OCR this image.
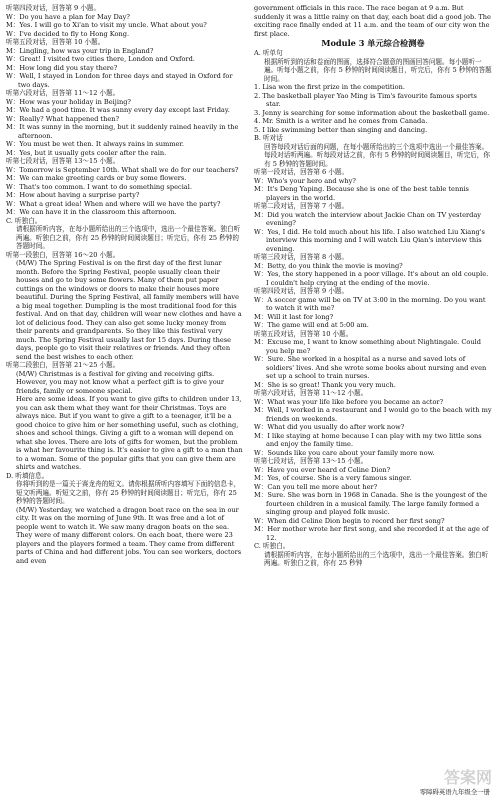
听第四段对话，回答第 9 小题。

W：Do you have a plan for May Day?

M：Yes. I will go to Xi'an to visit my uncle. What about you?

W：I've decided to fly to Hong Kong.

听第五段对话，回答第 10 小题。

M：Lingling, how was your trip in England?

W：Great! I visited two cities there, London and Oxford.

M：How long did you stay there?

W：Well, I stayed in London for three days and stayed in Oxford for two days.

听第六段对话，回答第 11～12 小题。

W：How was your holiday in Beijing?

M：We had a good time. It was sunny every day except last Friday.

W：Really? What happened then?

M：It was sunny in the morning, but it suddenly rained heavily in the afternoon.

W：You must be wet then. It always rains in summer.

M：Yes, but it usually gets cooler after the rain.

听第七段对话，回答第 13～15 小题。

W：Tomorrow is September 10th. What shall we do for our teachers?

M：We can make greeting cards or buy some flowers.

W：That's too common. I want to do something special.

M：How about having a surprise party?

W：What a great idea! When and where will we have the party?

M：We can have it in the classroom this afternoon.

C. 听独白。

请根据所听内容，在每小题所给出的三个选项中，选出一个最佳答案。独白听两遍。听独白之前，你有 25 秒钟的时间阅读题目；听完后，你有 25 秒钟的答题时间。

听第一段独白，回答第 16～20 小题。

(M/W) The Spring Festival is on the first day of the first lunar month. Before the Spring Festival, people usually clean their houses and go to buy some flowers. Many of them put paper cuttings on the windows or doors to make their houses more beautiful. During the Spring Festival, all family members will have a big meal together. Dumpling is the most traditional food for this festival. And on that day, children will wear new clothes and have a lot of delicious food. They can also get some lucky money from their parents and grandparents. So they like this festival very much. The Spring Festival usually last for 15 days. During these days, people go to visit their relatives or friends. And they often send the best wishes to each other.

听第二段独白，回答第 21～25 小题。

(M/W) Christmas is a festival for giving and receiving gifts. However, you may not know what a perfect gift is to give your friends, family or someone special.

Here are some ideas. If you want to give gifts to children under 13, you can ask them what they want for their Christmas. Toys are always nice. But if you want to give a gift to a teenager, it'll be a good choice to give him or her something useful, such as clothing, shoes and school things. Giving a gift to a woman will depend on what she loves. There are lots of gifts for women, but the problem is what her favourite thing is. It's easier to give a gift to a man than to a woman. Some of the popular gifts that you can give them are shirts and watches.

D. 听填信息。

你将听到的是一篇关于赛龙舟的短文。请你根据所听内容填写下面的信息卡，短文听两遍。听短文之前，你有 25 秒钟的时间阅读题目；听完后，你有 25 秒钟的答题时间。

(M/W) Yesterday, we watched a dragon boat race on the sea in our city. It was on the morning of June 9th. It was free and a lot of people went to watch it. We saw many dragon boats on the sea. They were of many different colors. On each boat, there were 23 players and the players formed a team. They came from different parts of China and had different jobs. You can see workers, doctors and even

government officials in this race. The race began at 9 a.m. But suddenly it was a little rainy on that day, each boat did a good job. The exciting race finally ended at 11 a.m. and the team of our city won the first place.

Module 3 单元综合检测卷

A. 听单句

根据所听到的话和卷面的图画，选择符合题意的图画回答问题。每小题听一遍。听每小题之前，你有 5 秒钟的时间阅读题目，听完后，你有 5 秒钟的答题时间。

1. Lisa won the first prize in the competition.

2. The basketball player Yao Ming is Tim's favourite famous sports star.

3. Jenny is searching for some information about the basketball game.

4. Mr. Smith is a writer and he comes from Canada.

5. I like swimming better than singing and dancing.

B. 听对话

回答每段对话后面的问题，在每小题所给出的三个选项中选出一个最佳答案。每段对话听两遍。听每段对话之前，你有 5 秒钟的时间阅读题目，听完后，你有 5 秒钟的答题时间。

听第一段对话，回答第 6 小题。

W：Who's your hero and why?

M：It's Deng Yaping. Because she is one of the best table tennis players in the world.

听第二段对话，回答第 7 小题。

M：Did you watch the interview about Jackie Chan on TV yesterday evening?

W：Yes, I did. He told much about his life. I also watched Liu Xiang's interview this morning and I will watch Liu Qian's interview this evening.

听第三段对话，回答第 8 小题。

M：Betty, do you think the movie is moving?

W：Yes, the story happened in a poor village. It's about an old couple. I couldn't help crying at the ending of the movie.

听第四段对话，回答第 9 小题。

W：A soccer game will be on TV at 3:00 in the morning. Do you want to watch it with me?

M：Will it last for long?

W：The game will end at 5:00 am.

听第五段对话，回答第 10 小题。

M：Excuse me, I want to know something about Nightingale. Could you help me?

W：Sure. She worked in a hospital as a nurse and saved lots of soldiers' lives. And she wrote some books about nursing and even set up a school to train nurses.

M：She is so great! Thank you very much.

听第六段对话，回答第 11～12 小题。

W：What was your life like before you became an actor?

M：Well, I worked in a restaurant and I would go to the beach with my friends on weekends.

W：What did you usually do after work now?

M：I like staying at home because I can play with my two little sons and enjoy the family time.

W：Sounds like you care about your family more now.

听第七段对话，回答第 13～15 小题。

W：Have you ever heard of Celine Dion?

M：Yes, of course. She is a very famous singer.

W：Can you tell me more about her?

M：Sure. She was born in 1968 in Canada. She is the youngest of the fourteen children in a musical family. The large family formed a singing group and played folk music.

W：When did Celine Dion begin to record her first song?

M：Her mother wrote her first song, and she recorded it at the age of 12.

C. 听独白。

请根据所听内容，在每小题所给出的三个选项中，选出一个最佳答案。独白听两遍。听独白之前，你有 25 秒钟

答案网
零障碍英语九年级全一册
